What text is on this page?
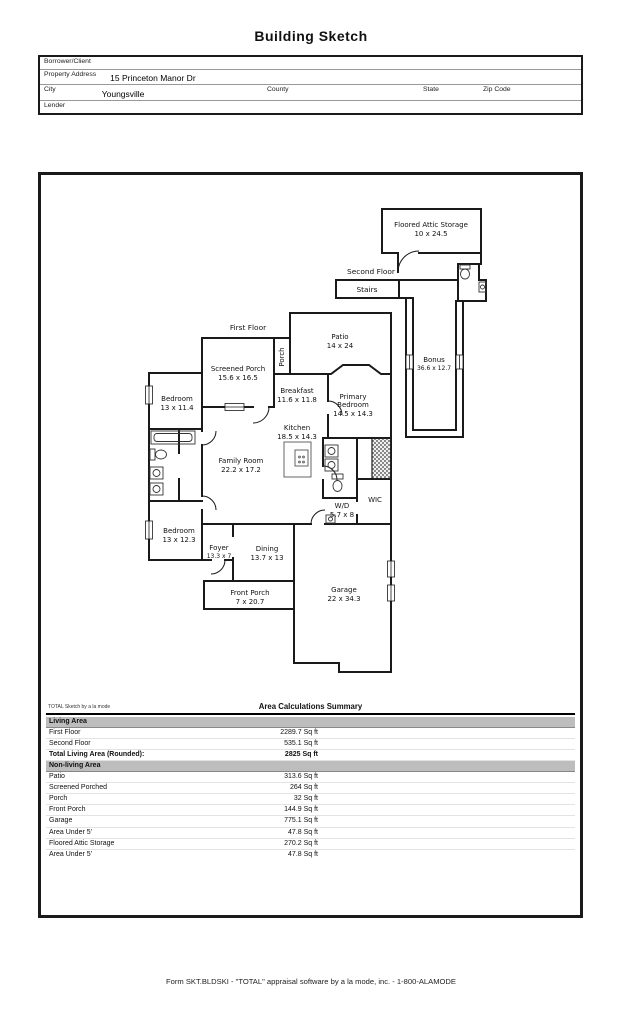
Building Sketch
Borrower/Client
Property Address 15 Princeton Manor Dr
City	Youngsville	County	State	Zip Code
Lender
Floored Attic Storage
10 x 24.5
Second Floor
Stairs
Bonus
36.6 x 12.7
First Floor
Patio
14 x 24
Porch
Screened Porch
15.6 x 16.5
Bedroom
13 x 11.4
Breakfast
11.6 x 11.8
Kitchen
18.5 x 14.3
Primary
Bedroom
14.5 x 14.3
Family Room
22.2 x 17.2
W/D
5.7 x 8
WIC
Bedroom
13 x 12.3
Foyer
13.3 x 7
Dining
13.7 x 13
Front Porch
7 x 20.7
Garage
22 x 34.3
TOTAL Sketch by a la mode	Area Calculations Summary
Living Area
First Floor	2289.7 Sq ft
Second Floor	535.1 Sq ft
Total Living Area (Rounded):	2825 Sq ft
Non-living Area
Patio	313.6 Sq ft
Screened Porched	264 Sq ft
Porch	32 Sq ft
Front Porch	144.9 Sq ft
Garage	775.1 Sq ft
Area Under 5'	47.8 Sq ft
Floored Attic Storage	270.2 Sq ft
Area Under 5'	47.8 Sq ft
Form SKT.BLDSKI - "TOTAL" appraisal software by a la mode, inc. - 1-800-ALAMODE
